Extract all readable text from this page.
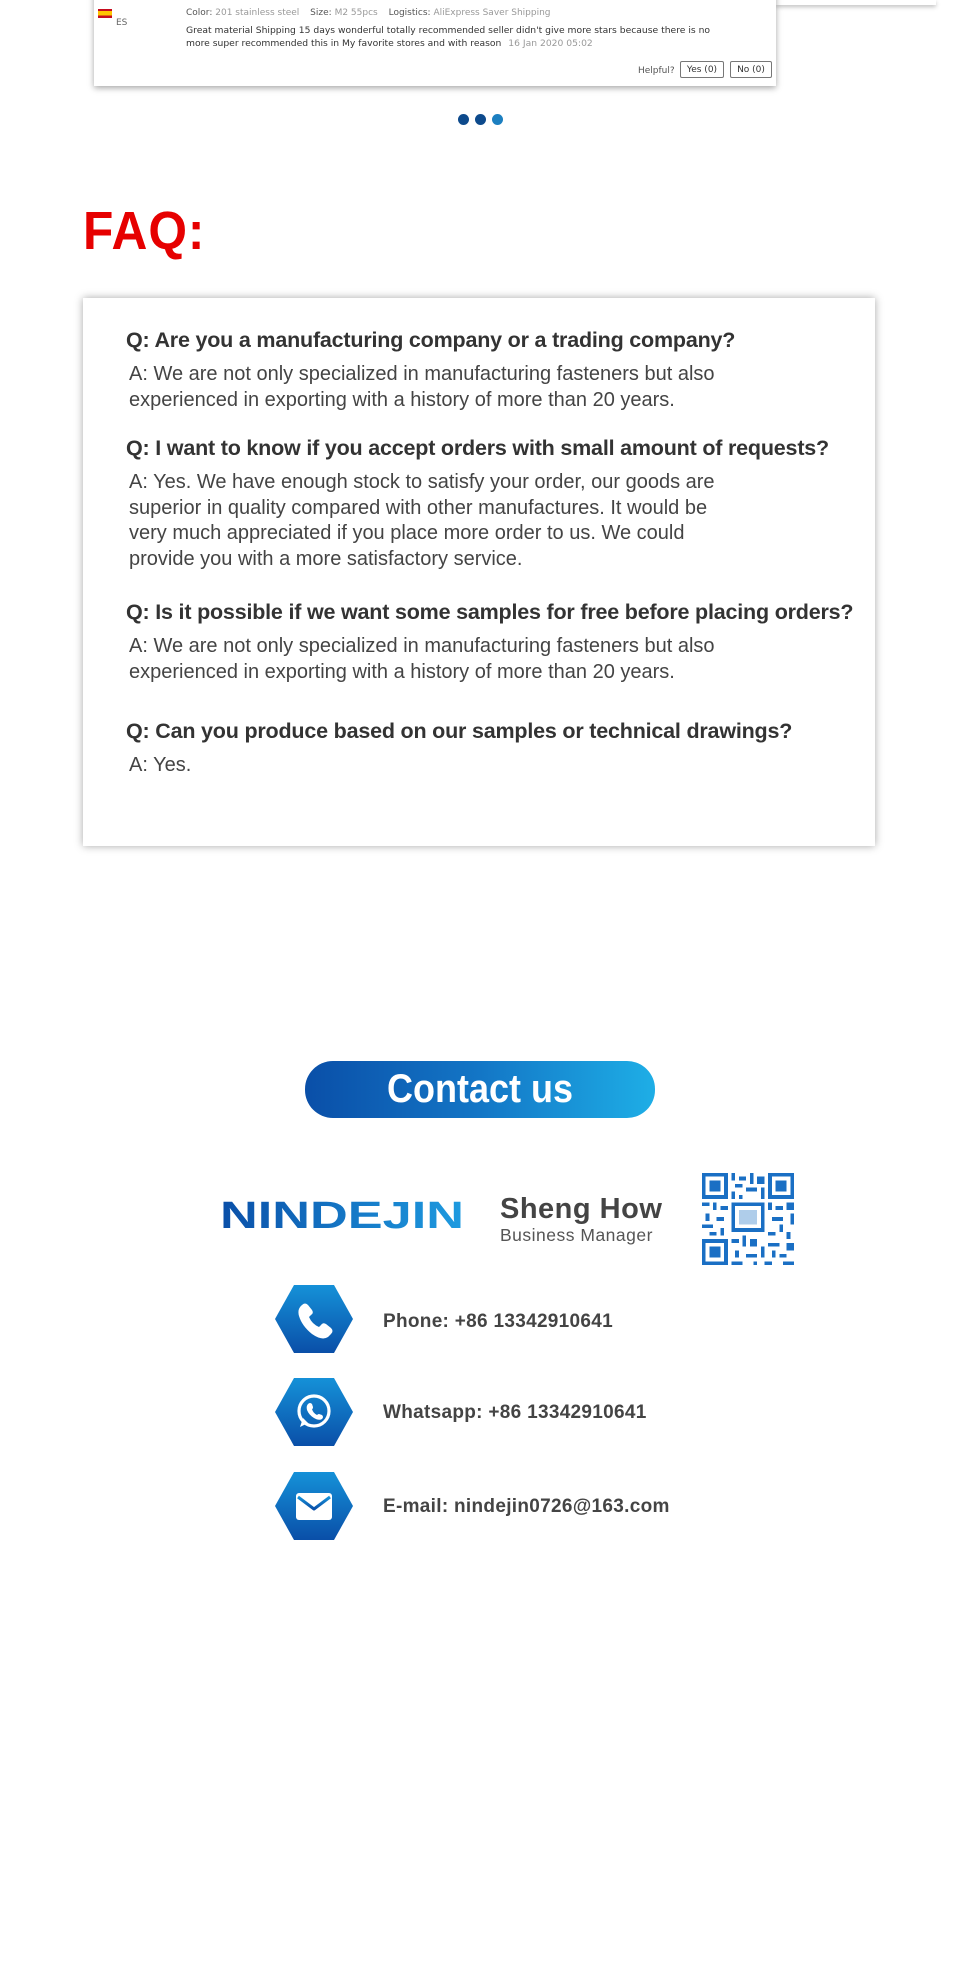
ES
Color: 201 stainless steel Size: M2 55pcs Logistics: AliExpress Saver Shipping
Great material Shipping 15 days wonderful totally recommended seller didn't give more stars because there is no more super recommended this in My favorite stores and with reason 16 Jan 2020 05:02
Helpful?	Yes (0)	No (0)
FAQ:
Q: Are you a manufacturing company or a trading company?
A: We are not only specialized in manufacturing fasteners but also experienced in exporting with a history of more than 20 years.
Q: I want to know if you accept orders with small amount of requests?
A: Yes. We have enough stock to satisfy your order, our goods are superior in quality compared with other manufactures. It would be very much appreciated if you place more order to us. We could provide you with a more satisfactory service.
Q: Is it possible if we want some samples for free before placing orders?
A: We are not only specialized in manufacturing fasteners but also experienced in exporting with a history of more than 20 years.
Q: Can you produce based on our samples or technical drawings?
A: Yes.
Contact us
NINDEJIN Sheng How
Business Manager
Phone: +86 13342910641
Whatsapp: +86 13342910641
E-mail: nindejin0726@163.com
